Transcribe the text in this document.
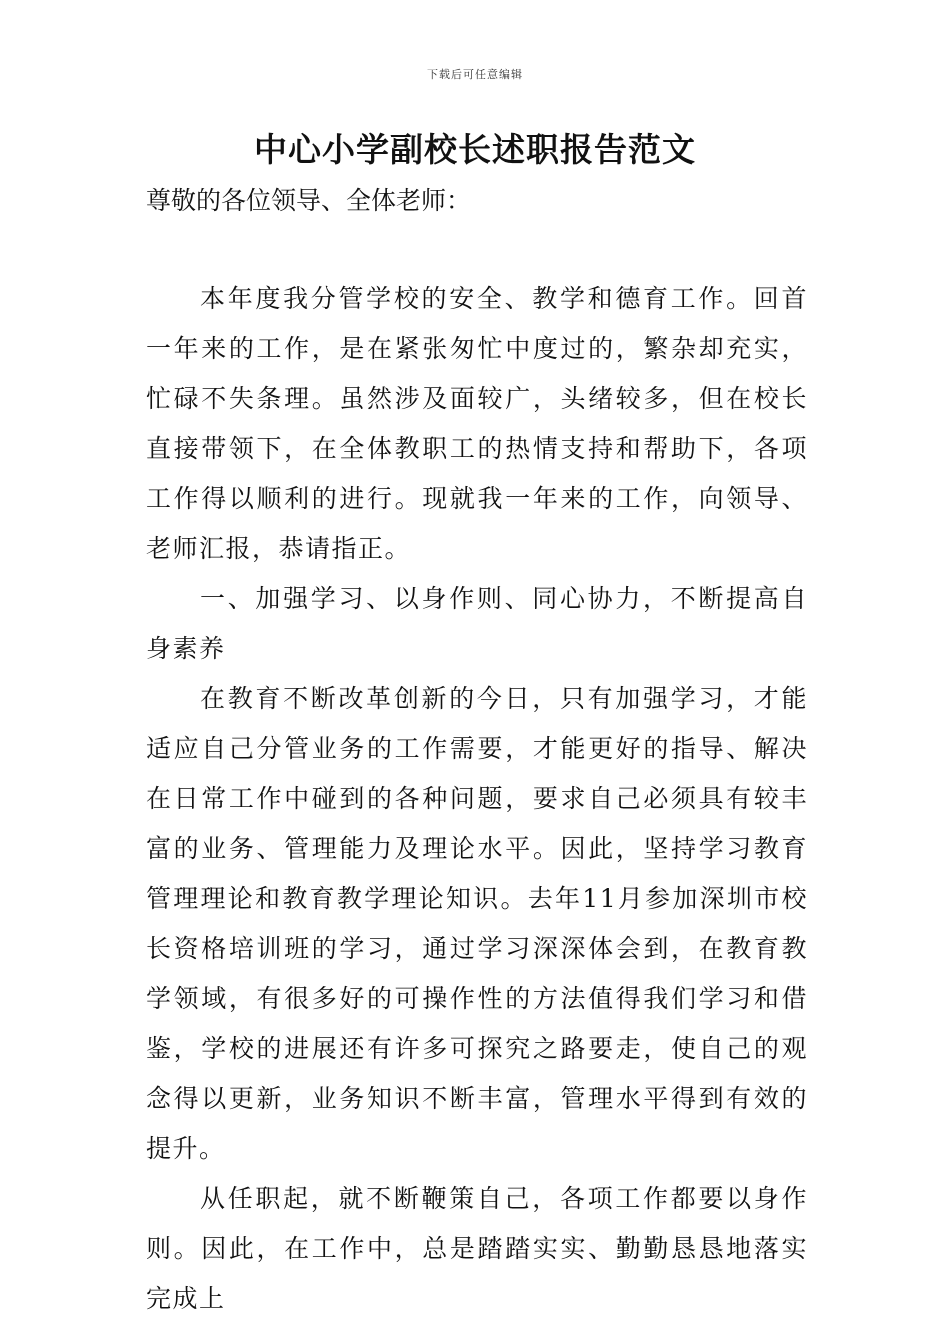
下载后可任意编辑
中心小学副校长述职报告范文
尊敬的各位领导、全体老师：

本年度我分管学校的安全、教学和德育工作。回首一年来的工作，是在紧张匆忙中度过的，繁杂却充实，忙碌不失条理。虽然涉及面较广，头绪较多，但在校长直接带领下，在全体教职工的热情支持和帮助下，各项工作得以顺利的进行。现就我一年来的工作，向领导、老师汇报，恭请指正。

一、加强学习、以身作则、同心协力，不断提高自身素养

在教育不断改革创新的今日，只有加强学习，才能适应自己分管业务的工作需要，才能更好的指导、解决在日常工作中碰到的各种问题，要求自己必须具有较丰富的业务、管理能力及理论水平。因此，坚持学习教育管理理论和教育教学理论知识。去年11月参加深圳市校长资格培训班的学习，通过学习深深体会到，在教育教学领域，有很多好的可操作性的方法值得我们学习和借鉴，学校的进展还有许多可探究之路要走，使自己的观念得以更新，业务知识不断丰富，管理水平得到有效的提升。

从任职起，就不断鞭策自己，各项工作都要以身作则。因此，在工作中，总是踏踏实实、勤勤恳恳地落实完成上
